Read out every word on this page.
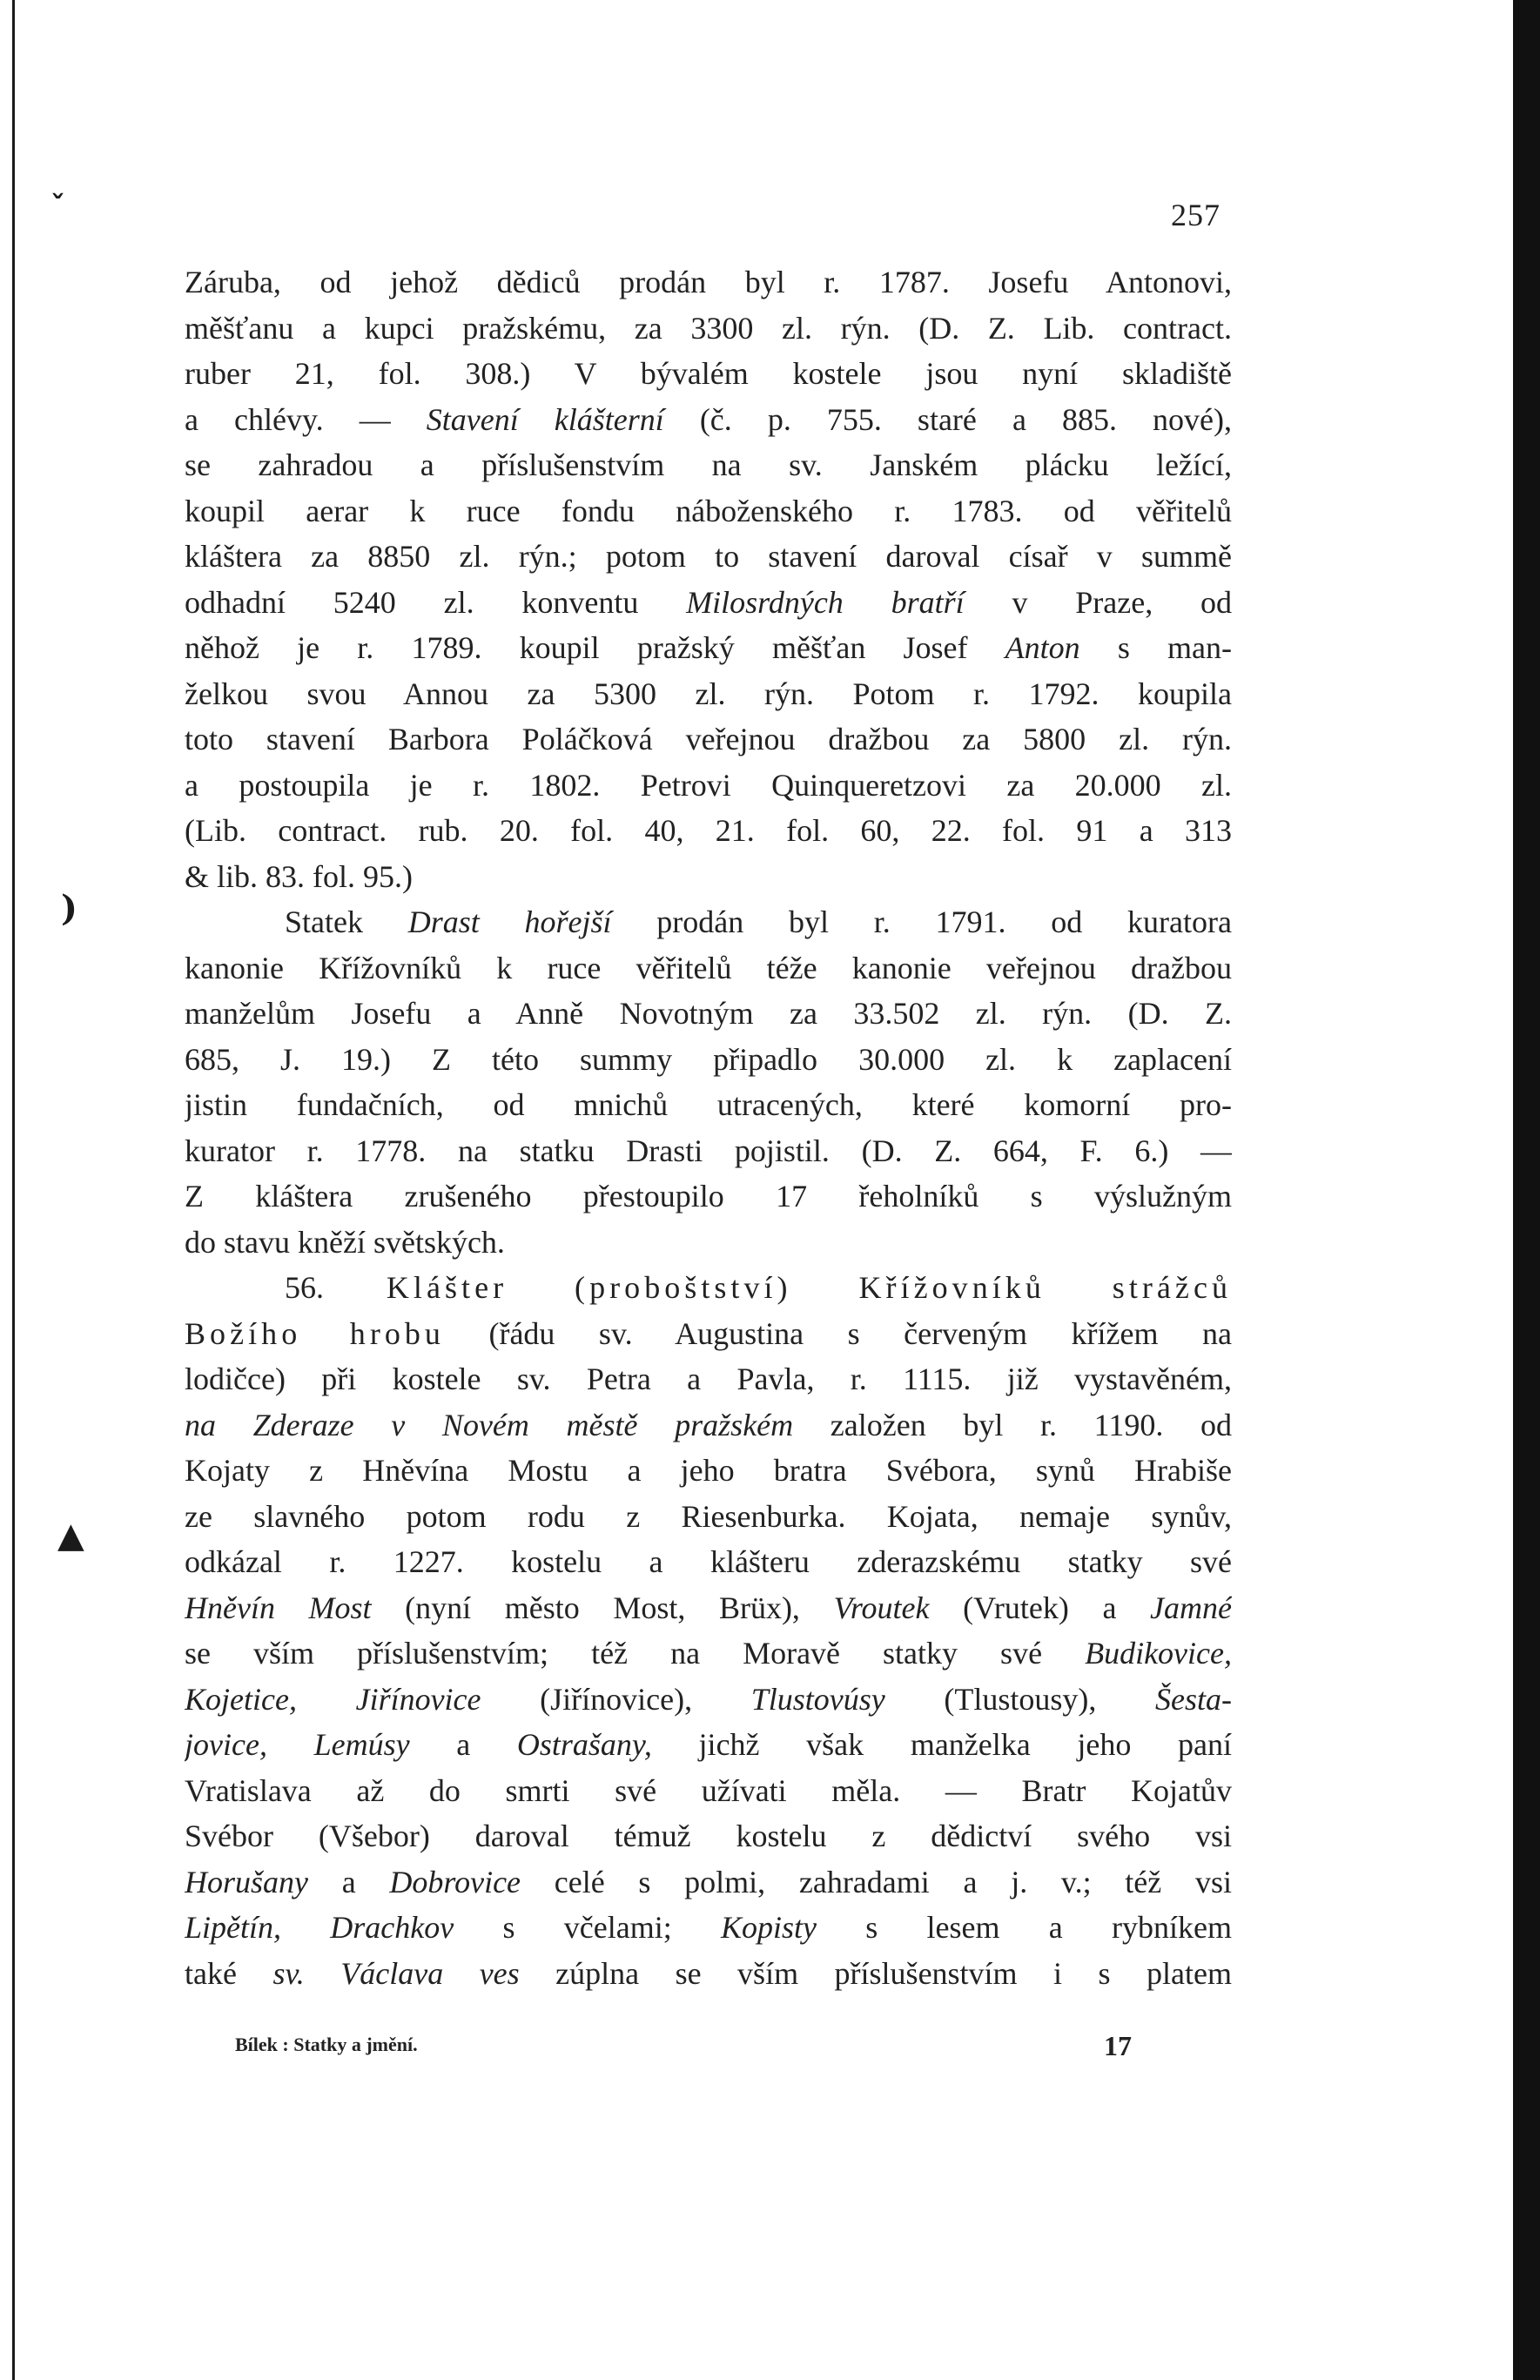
ˇ
)
▲
257
Záruba, od jehož dědiců prodán byl r. 1787. Josefu Antonovi,
měšťanu a kupci pražskému, za 3300 zl. rýn. (D. Z. Lib. contract.
ruber 21, fol. 308.) V bývalém kostele jsou nyní skladiště
a chlévy. — Stavení klášterní (č. p. 755. staré a 885. nové),
se zahradou a příslušenstvím na sv. Janském plácku ležící,
koupil aerar k ruce fondu náboženského r. 1783. od věřitelů
kláštera za 8850 zl. rýn.; potom to stavení daroval císař v summě
odhadní 5240 zl. konventu Milosrdných bratří v Praze, od
něhož je r. 1789. koupil pražský měšťan Josef Anton s man-
želkou svou Annou za 5300 zl. rýn. Potom r. 1792. koupila
toto stavení Barbora Poláčková veřejnou dražbou za 5800 zl. rýn.
a postoupila je r. 1802. Petrovi Quinqueretzovi za 20.000 zl.
(Lib. contract. rub. 20. fol. 40, 21. fol. 60, 22. fol. 91 a 313
& lib. 83. fol. 95.)
Statek Drast hořejší prodán byl r. 1791. od kuratora
kanonie Křížovníků k ruce věřitelů téže kanonie veřejnou dražbou
manželům Josefu a Anně Novotným za 33.502 zl. rýn. (D. Z.
685, J. 19.) Z této summy připadlo 30.000 zl. k zaplacení
jistin fundačních, od mnichů utracených, které komorní pro-
kurator r. 1778. na statku Drasti pojistil. (D. Z. 664, F. 6.) —
Z kláštera zrušeného přestoupilo 17 řeholníků s výslužným
do stavu kněží světských.
56. Klášter (proboštství) Křížovníků strážců
Božího hrobu (řádu sv. Augustina s červeným křížem na
lodičce) při kostele sv. Petra a Pavla, r. 1115. již vystavěném,
na Zderaze v Novém městě pražském založen byl r. 1190. od
Kojaty z Hněvína Mostu a jeho bratra Svébora, synů Hrabiše
ze slavného potom rodu z Riesenburka. Kojata, nemaje synův,
odkázal r. 1227. kostelu a klášteru zderazskému statky své
Hněvín Most (nyní město Most, Brüx), Vroutek (Vrutek) a Jamné
se vším příslušenstvím; též na Moravě statky své Budikovice,
Kojetice, Jiřínovice (Jiřínovice), Tlustovúsy (Tlustousy), Šesta-
jovice, Lemúsy a Ostrašany, jichž však manželka jeho paní
Vratislava až do smrti své užívati měla. — Bratr Kojatův
Svébor (Všebor) daroval témuž kostelu z dědictví svého vsi
Horušany a Dobrovice celé s polmi, zahradami a j. v.; též vsi
Lipětín, Drachkov s včelami; Kopisty s lesem a rybníkem
také sv. Václava ves zúplna se vším příslušenstvím i s platem
Bílek : Statky a jmění.	17
